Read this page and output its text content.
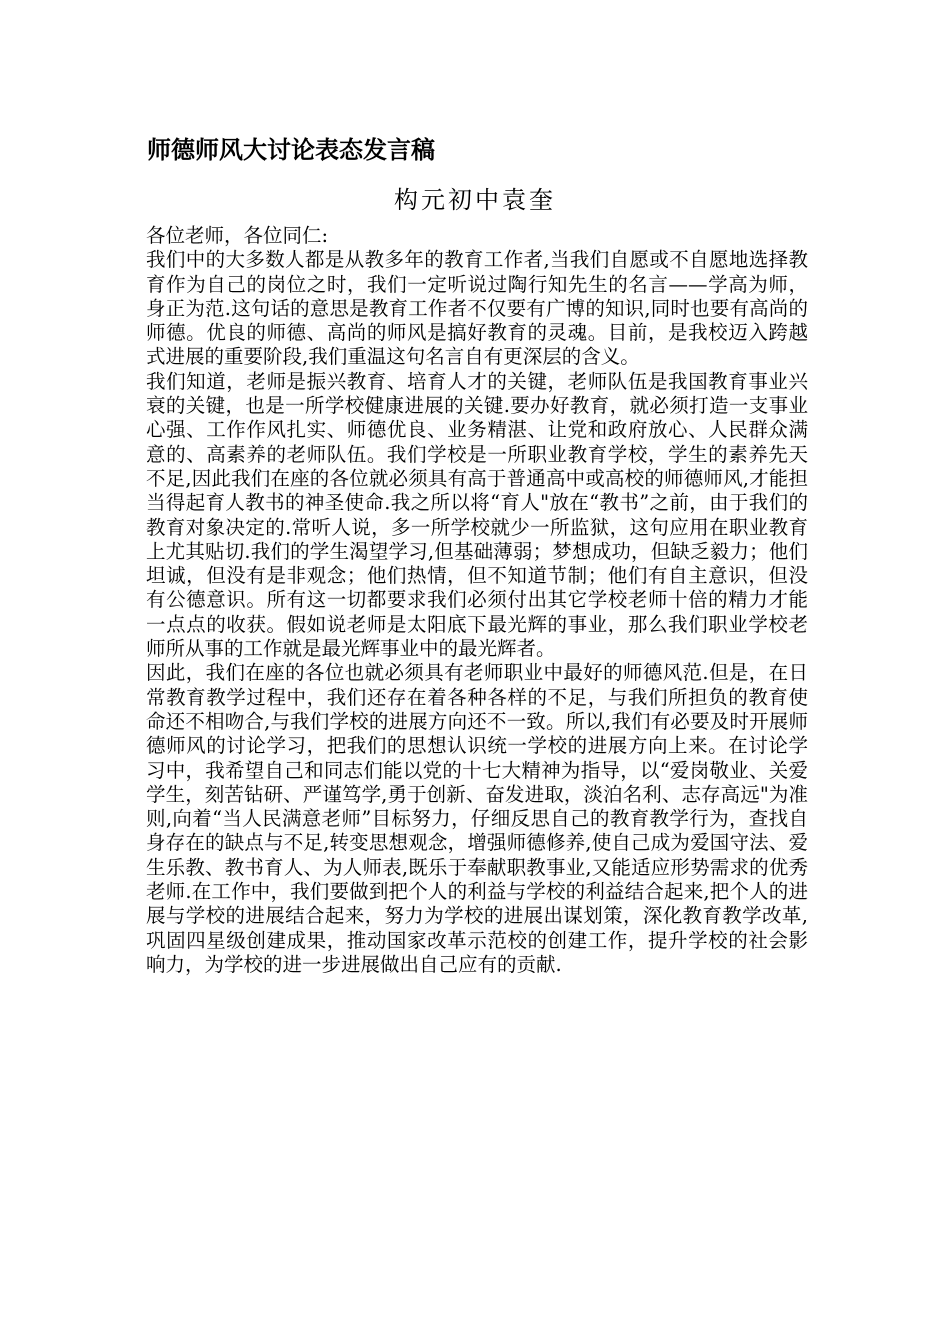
师德师风大讨论表态发言稿
构元初中袁奎

各位老师，各位同仁:

我们中的大多数人都是从教多年的教育工作者,当我们自愿或不自愿地选择教育作为自己的岗位之时，我们一定听说过陶行知先生的名言——学高为师，身正为范.这句话的意思是教育工作者不仅要有广博的知识,同时也要有高尚的师德。优良的师德、高尚的师风是搞好教育的灵魂。目前，是我校迈入跨越式进展的重要阶段,我们重温这句名言自有更深层的含义。

我们知道，老师是振兴教育、培育人才的关键，老师队伍是我国教育事业兴衰的关键，也是一所学校健康进展的关键.要办好教育，就必须打造一支事业心强、工作作风扎实、师德优良、业务精湛、让党和政府放心、人民群众满意的、高素养的老师队伍。我们学校是一所职业教育学校，学生的素养先天不足,因此我们在座的各位就必须具有高于普通高中或高校的师德师风,才能担当得起育人教书的神圣使命.我之所以将“育人"放在“教书”之前，由于我们的教育对象决定的.常听人说，多一所学校就少一所监狱，这句应用在职业教育上尤其贴切.我们的学生渴望学习,但基础薄弱；梦想成功，但缺乏毅力；他们坦诚，但没有是非观念；他们热情，但不知道节制；他们有自主意识，但没有公德意识。所有这一切都要求我们必须付出其它学校老师十倍的精力才能一点点的收获。假如说老师是太阳底下最光辉的事业，那么我们职业学校老师所从事的工作就是最光辉事业中的最光辉者。

因此，我们在座的各位也就必须具有老师职业中最好的师德风范.但是，在日常教育教学过程中，我们还存在着各种各样的不足，与我们所担负的教育使命还不相吻合,与我们学校的进展方向还不一致。所以,我们有必要及时开展师德师风的讨论学习，把我们的思想认识统一学校的进展方向上来。在讨论学习中，我希望自己和同志们能以党的十七大精神为指导，以“爱岗敬业、关爱学生，刻苦钻研、严谨笃学,勇于创新、奋发进取，淡泊名利、志存高远"为准则,向着“当人民满意老师”目标努力，仔细反思自己的教育教学行为，查找自身存在的缺点与不足,转变思想观念，增强师德修养,使自己成为爱国守法、爱生乐教、教书育人、为人师表,既乐于奉献职教事业,又能适应形势需求的优秀老师.在工作中，我们要做到把个人的利益与学校的利益结合起来,把个人的进展与学校的进展结合起来，努力为学校的进展出谋划策，深化教育教学改革,巩固四星级创建成果，推动国家改革示范校的创建工作，提升学校的社会影响力，为学校的进一步进展做出自己应有的贡献.
